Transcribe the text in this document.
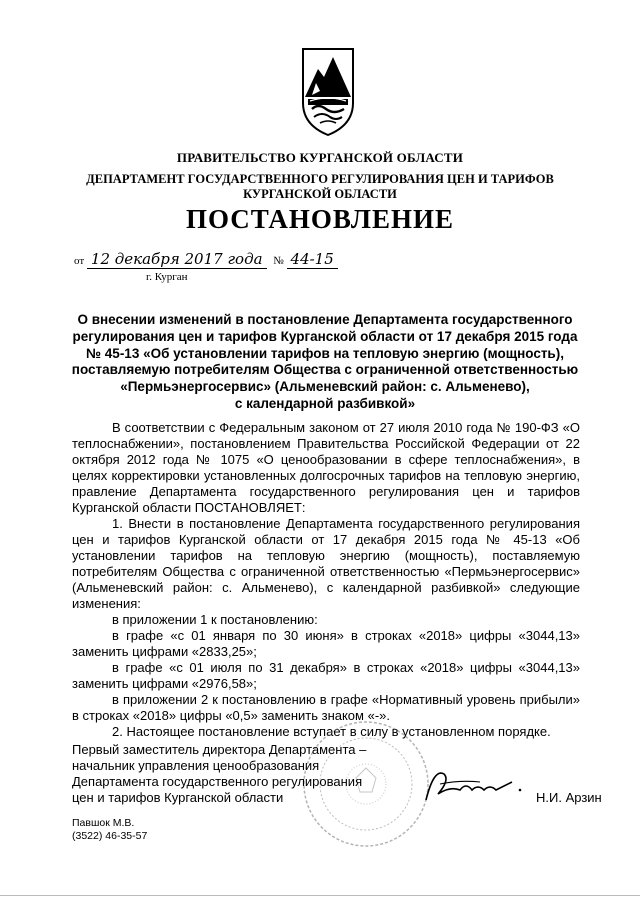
ПРАВИТЕЛЬСТВО КУРГАНСКОЙ ОБЛАСТИ
ДЕПАРТАМЕНТ ГОСУДАРСТВЕННОГО РЕГУЛИРОВАНИЯ ЦЕН И ТАРИФОВ
КУРГАНСКОЙ ОБЛАСТИ
ПОСТАНОВЛЕНИЕ
от 12 декабря 2017 года № 44-15
г. Курган
О внесении изменений в постановление Департамента государственного
регулирования цен и тарифов Курганской области от 17 декабря 2015 года
№ 45-13 «Об установлении тарифов на тепловую энергию (мощность),
поставляемую потребителям Общества с ограниченной ответственностью
«Пермьэнергосервис» (Альменевский район: с. Альменево),
с календарной разбивкой»

В соответствии с Федеральным законом от 27 июля 2010 года № 190-ФЗ «О теплоснабжении», постановлением Правительства Российской Федерации от 22 октября 2012 года № 1075 «О ценообразовании в сфере теплоснабжения», в целях корректировки установленных долгосрочных тарифов на тепловую энергию, правление Департамента государственного регулирования цен и тарифов Курганской области ПОСТАНОВЛЯЕТ:

1. Внести в постановление Департамента государственного регулирования цен и тарифов Курганской области от 17 декабря 2015 года № 45-13 «Об установлении тарифов на тепловую энергию (мощность), поставляемую потребителям Общества с ограниченной ответственностью «Пермьэнергосервис» (Альменевский район: с. Альменево), с календарной разбивкой» следующие изменения:

в приложении 1 к постановлению:

в графе «с 01 января по 30 июня» в строках «2018» цифры «3044,13» заменить цифрами «2833,25»;

в графе «с 01 июля по 31 декабря» в строках «2018» цифры «3044,13» заменить цифрами «2976,58»;

в приложении 2 к постановлению в графе «Нормативный уровень прибыли» в строках «2018» цифры «0,5» заменить знаком «-».

2. Настоящее постановление вступает в силу в установленном порядке.

Первый заместитель директора Департамента –
начальник управления ценообразования
Департамента государственного регулирования
цен и тарифов Курганской области	Н.И. Арзин
Павшок М.В.
(3522) 46-35-57
